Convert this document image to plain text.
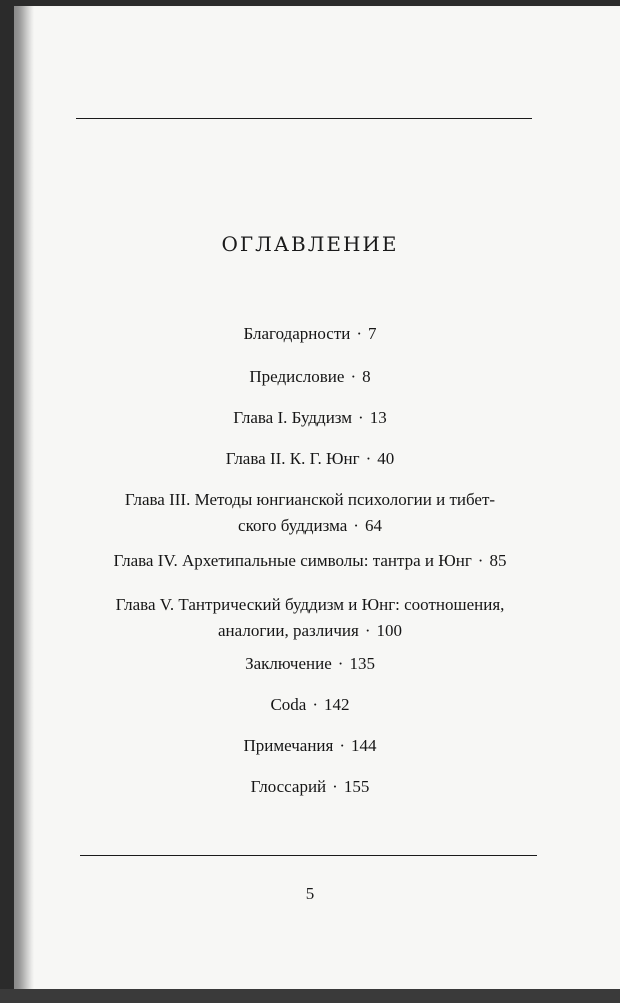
ОГЛАВЛЕНИЕ
Благодарности · 7
Предисловие · 8
Глава I. Буддизм · 13
Глава II. К. Г. Юнг · 40
Глава III. Методы юнгианской психологии и тибет-
ского буддизма · 64
Глава IV. Архетипальные символы: тантра и Юнг · 85
Глава V. Тантрический буддизм и Юнг: соотношения,
аналогии, различия · 100
Заключение · 135
Coda · 142
Примечания · 144
Глоссарий · 155
5
